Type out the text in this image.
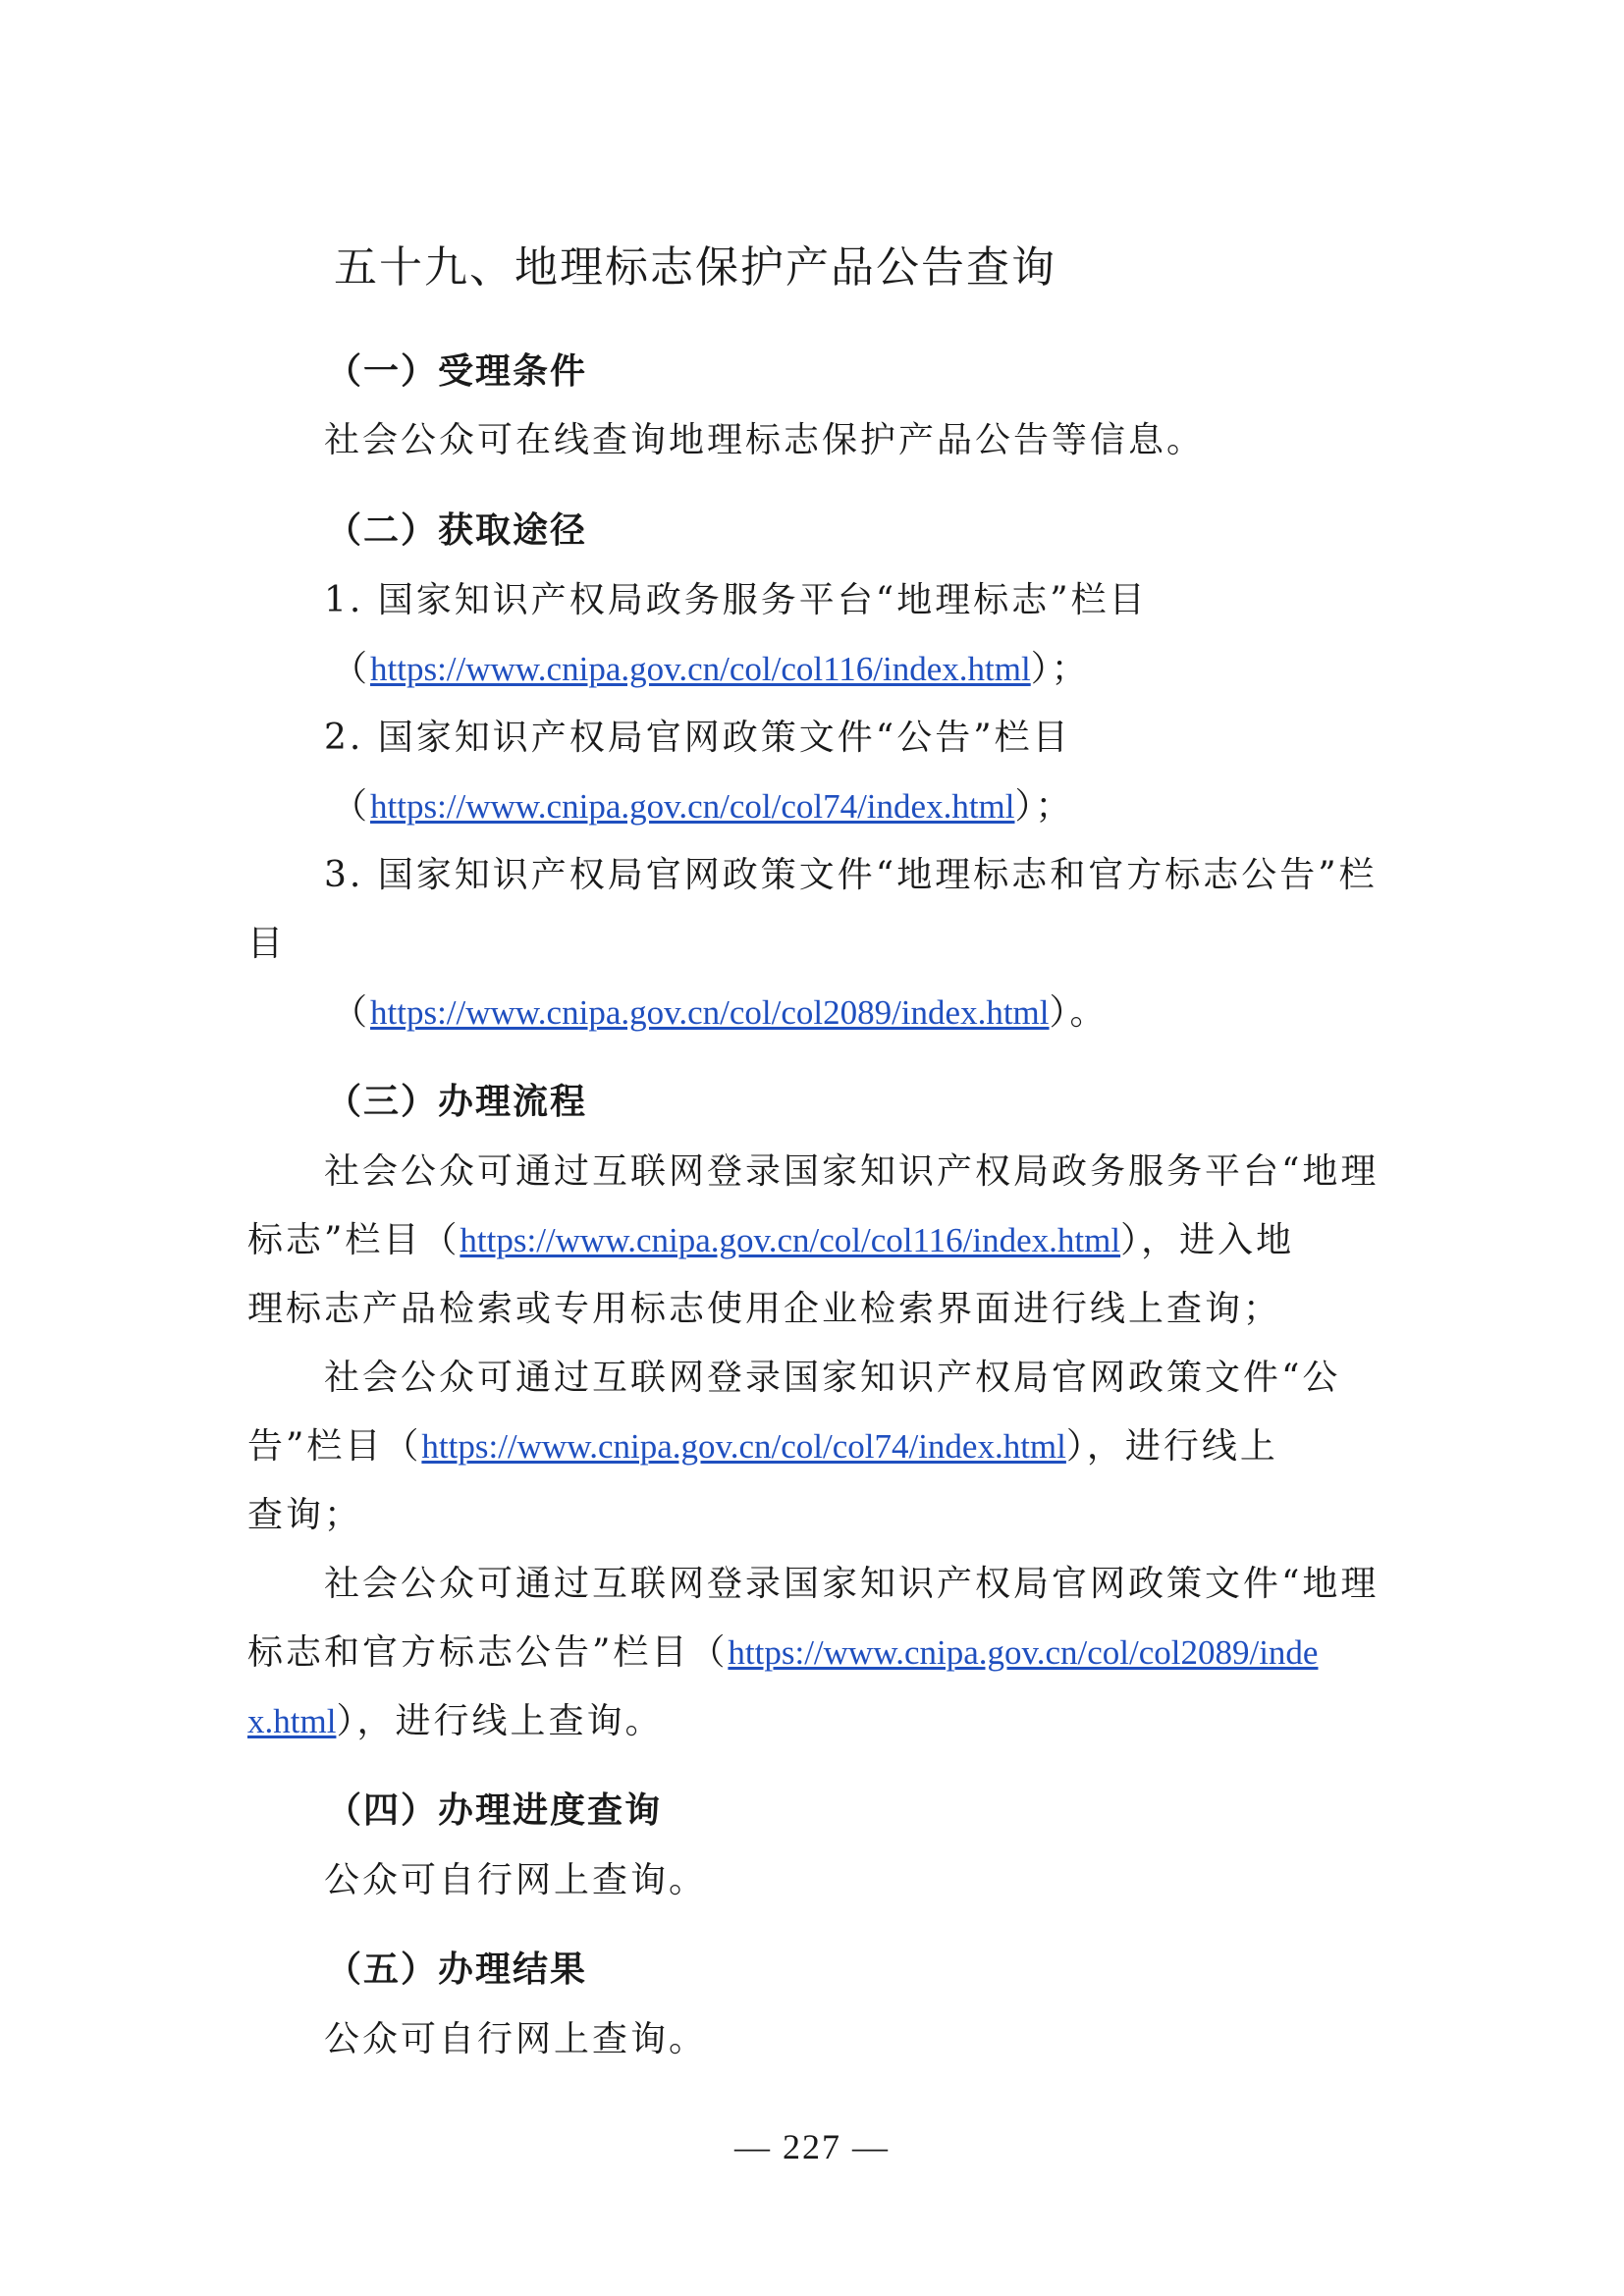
五十九、地理标志保护产品公告查询
（一）受理条件
社会公众可在线查询地理标志保护产品公告等信息。
（二）获取途径
1. 国家知识产权局政务服务平台“地理标志”栏目
（https://www.cnipa.gov.cn/col/col116/index.html）；
2. 国家知识产权局官网政策文件“公告”栏目
（https://www.cnipa.gov.cn/col/col74/index.html）；
3. 国家知识产权局官网政策文件“地理标志和官方标志公告”栏
目
（https://www.cnipa.gov.cn/col/col2089/index.html）。
（三）办理流程
社会公众可通过互联网登录国家知识产权局政务服务平台“地理
标志”栏目（https://www.cnipa.gov.cn/col/col116/index.html），进入地
理标志产品检索或专用标志使用企业检索界面进行线上查询；
社会公众可通过互联网登录国家知识产权局官网政策文件“公
告”栏目（https://www.cnipa.gov.cn/col/col74/index.html），进行线上
查询；
社会公众可通过互联网登录国家知识产权局官网政策文件“地理
标志和官方标志公告”栏目（https://www.cnipa.gov.cn/col/col2089/inde
x.html），进行线上查询。
（四）办理进度查询
公众可自行网上查询。
（五）办理结果
公众可自行网上查询。
— 227 —
